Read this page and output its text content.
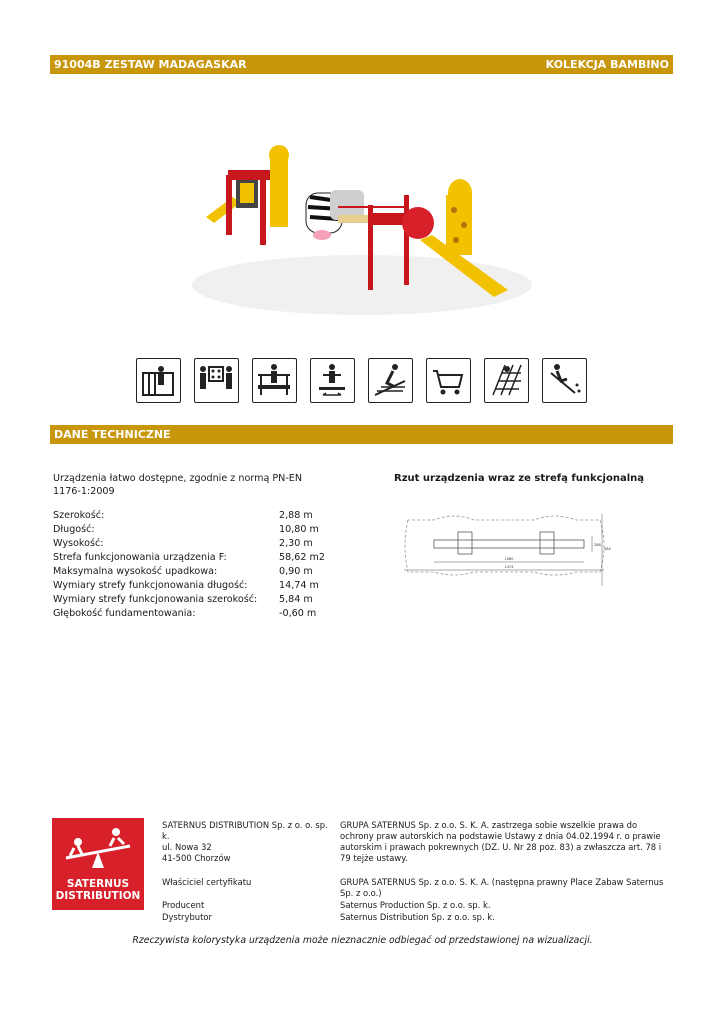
91004B ZESTAW MADAGASKAR	KOLEKCJA BAMBINO
DANE TECHNICZNE
Urządzenia łatwo dostępne, zgodnie z normą PN-EN 1176-1:2009
Szerokość:	2,88 m
Długość:	10,80 m
Wysokość:	2,30 m
Strefa funkcjonowania urządzenia F:	58,62 m2
Maksymalna wysokość upadkowa:	0,90 m
Wymiary strefy funkcjonowania długość:	14,74 m
Wymiary strefy funkcjonowania szerokość: 5,84 m
Głębokość fundamentowania:	-0,60 m
Rzut urządzenia wraz ze strefą funkcjonalną
1080
1474
288
584
SATERNUS
DISTRIBUTION
SATERNUS DISTRIBUTION Sp. z o. o. sp. k.
ul. Nowa 32
41-500 Chorzów
GRUPA SATERNUS Sp. z o.o. S. K. A. zastrzega sobie wszelkie prawa do ochrony praw autorskich na podstawie Ustawy z dnia 04.02.1994 r. o prawie autorskim i prawach pokrewnych (DZ. U. Nr 28 poz. 83) a zwłaszcza art. 78 i 79 tejże ustawy.
Właściciel certyfikatu	GRUPA SATERNUS Sp. z o.o. S. K. A. (następna prawny Place Zabaw Saternus Sp. z o.o.)
Producent	Saternus Production Sp. z o.o. sp. k.
Dystrybutor	Saternus Distribution Sp. z o.o. sp. k.
Rzeczywista kolorystyka urządzenia może nieznacznie odbiegać od przedstawionej na wizualizacji.
